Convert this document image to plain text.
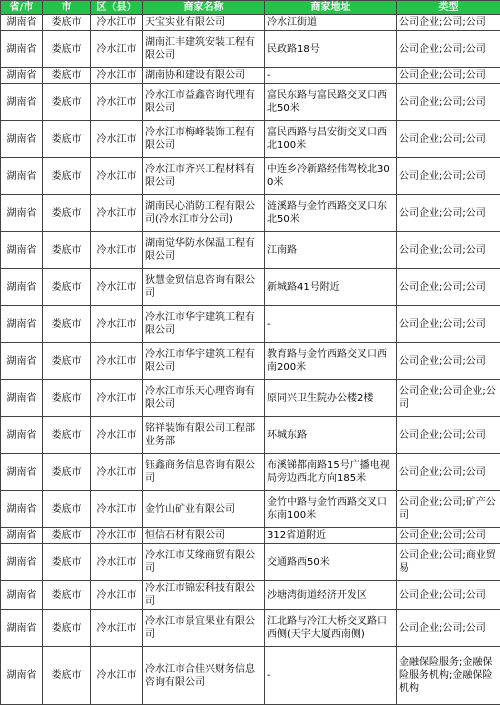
省/市	市	区（县）	商家名称	商家地址	类型
湖南省	娄底市	冷水江市	天宝实业有限公司	冷水江街道	公司企业;公司;公司
湖南省	娄底市	冷水江市	湖南汇丰建筑安装工程有限公司	民政路18号	公司企业;公司;公司
湖南省	娄底市	冷水江市	湖南协和建设有限公司	-	公司企业;公司;公司
湖南省	娄底市	冷水江市	冷水江市益鑫咨询代理有限公司	富民东路与富民路交叉口西北50米	公司企业;公司;公司
湖南省	娄底市	冷水江市	冷水江市梅峰装饰工程有限公司	富民西路与昌安街交叉口西北100米	公司企业;公司;公司
湖南省	娄底市	冷水江市	冷水江市齐兴工程材料有限公司	中连乡冷新路经伟驾校北300米	公司企业;公司;公司
湖南省	娄底市	冷水江市	湖南民心消防工程有限公司(冷水江市分公司)	涟溪路与金竹西路交叉口东北50米	公司企业;公司;公司
湖南省	娄底市	冷水江市	湖南觉华防水保温工程有限公司	江南路	公司企业;公司;公司
湖南省	娄底市	冷水江市	狄慧金贸信息咨询有限公司	新城路41号附近	公司企业;公司;公司
湖南省	娄底市	冷水江市	冷水江市华宇建筑工程有限公司	-	公司企业;公司;公司
湖南省	娄底市	冷水江市	冷水江市华宇建筑工程有限公司	教育路与金竹西路交叉口西南200米	公司企业;公司;公司
湖南省	娄底市	冷水江市	冷水江市乐天心理咨询有限公司	原同兴卫生院办公楼2楼	公司企业;公司企业;公司
湖南省	娄底市	冷水江市	铭祥装饰有限公司工程部业务部	环城东路	公司企业;公司;公司
湖南省	娄底市	冷水江市	钰鑫商务信息咨询有限公司	布溪锑都南路15号广播电视局旁边西北方向185米	公司企业;公司;公司
湖南省	娄底市	冷水江市	金竹山矿业有限公司	金竹中路与金竹西路交叉口东南100米	公司企业;公司;矿产公司
湖南省	娄底市	冷水江市	恒信石材有限公司	312省道附近	公司企业;公司;公司
湖南省	娄底市	冷水江市	冷水江市艾缘商贸有限公司	交通路西50米	公司企业;公司;商业贸易
湖南省	娄底市	冷水江市	冷水江市锦宏科技有限公司	沙塘湾街道经济开发区	公司企业;公司;公司
湖南省	娄底市	冷水江市	冷水江市景宜果业有限公司	江北路与冷江大桥交叉路口西侧(天宇大厦西南侧)	公司企业;公司;公司
湖南省	娄底市	冷水江市	冷水江市合佳兴财务信息咨询有限公司	-	金融保险服务;金融保险服务机构;金融保险机构
